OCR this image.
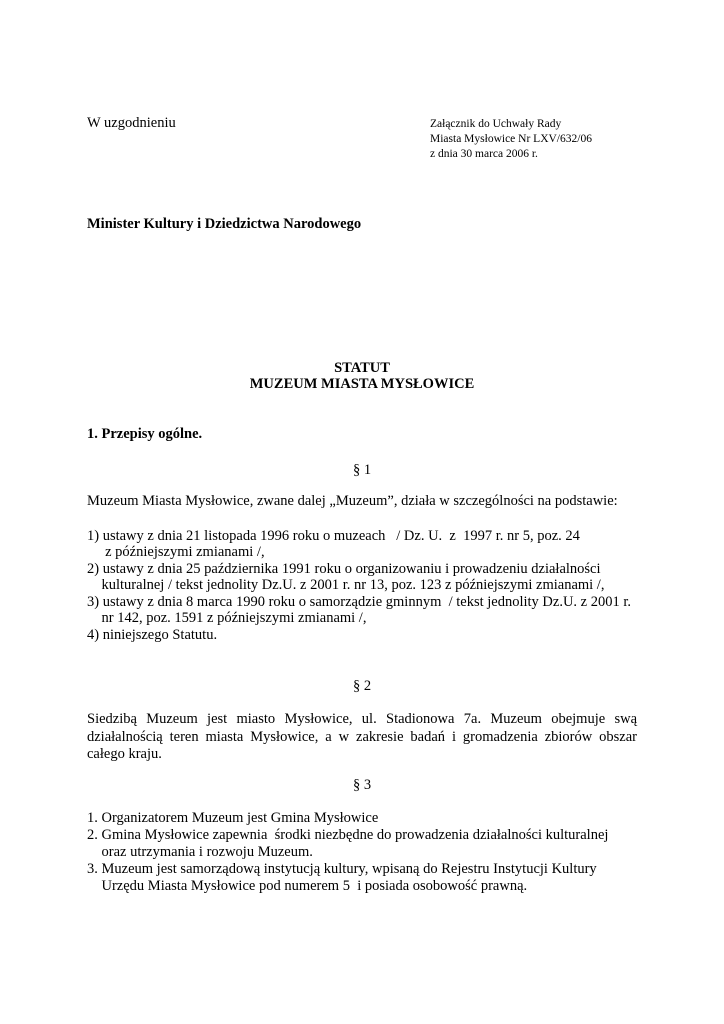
W uzgodnieniu	Załącznik do Uchwały Rady
Miasta Mysłowice Nr LXV/632/06
z dnia 30 marca 2006 r.
Minister Kultury i Dziedzictwa Narodowego
STATUT
MUZEUM MIASTA MYSŁOWICE
1. Przepisy ogólne.
§ 1
Muzeum Miasta Mysłowice, zwane dalej „Muzeum”, działa w szczególności na podstawie:
1) ustawy z dnia 21 listopada 1996 roku o muzeach   / Dz. U.  z  1997 r. nr 5, poz. 24
z późniejszymi zmianami /,
2) ustawy z dnia 25 października 1991 roku o organizowaniu i prowadzeniu działalności
kulturalnej / tekst jednolity Dz.U. z 2001 r. nr 13, poz. 123 z późniejszymi zmianami /,
3) ustawy z dnia 8 marca 1990 roku o samorządzie gminnym  / tekst jednolity Dz.U. z 2001 r.
nr 142, poz. 1591 z późniejszymi zmianami /,
4) niniejszego Statutu.
§ 2
Siedzibą Muzeum jest miasto Mysłowice, ul. Stadionowa 7a. Muzeum obejmuje swą działalnością teren miasta Mysłowice, a w zakresie badań i gromadzenia zbiorów obszar całego kraju.
§ 3
1. Organizatorem Muzeum jest Gmina Mysłowice
2. Gmina Mysłowice zapewnia  środki niezbędne do prowadzenia działalności kulturalnej
oraz utrzymania i rozwoju Muzeum.
3. Muzeum jest samorządową instytucją kultury, wpisaną do Rejestru Instytucji Kultury
Urzędu Miasta Mysłowice pod numerem 5  i posiada osobowość prawną.
